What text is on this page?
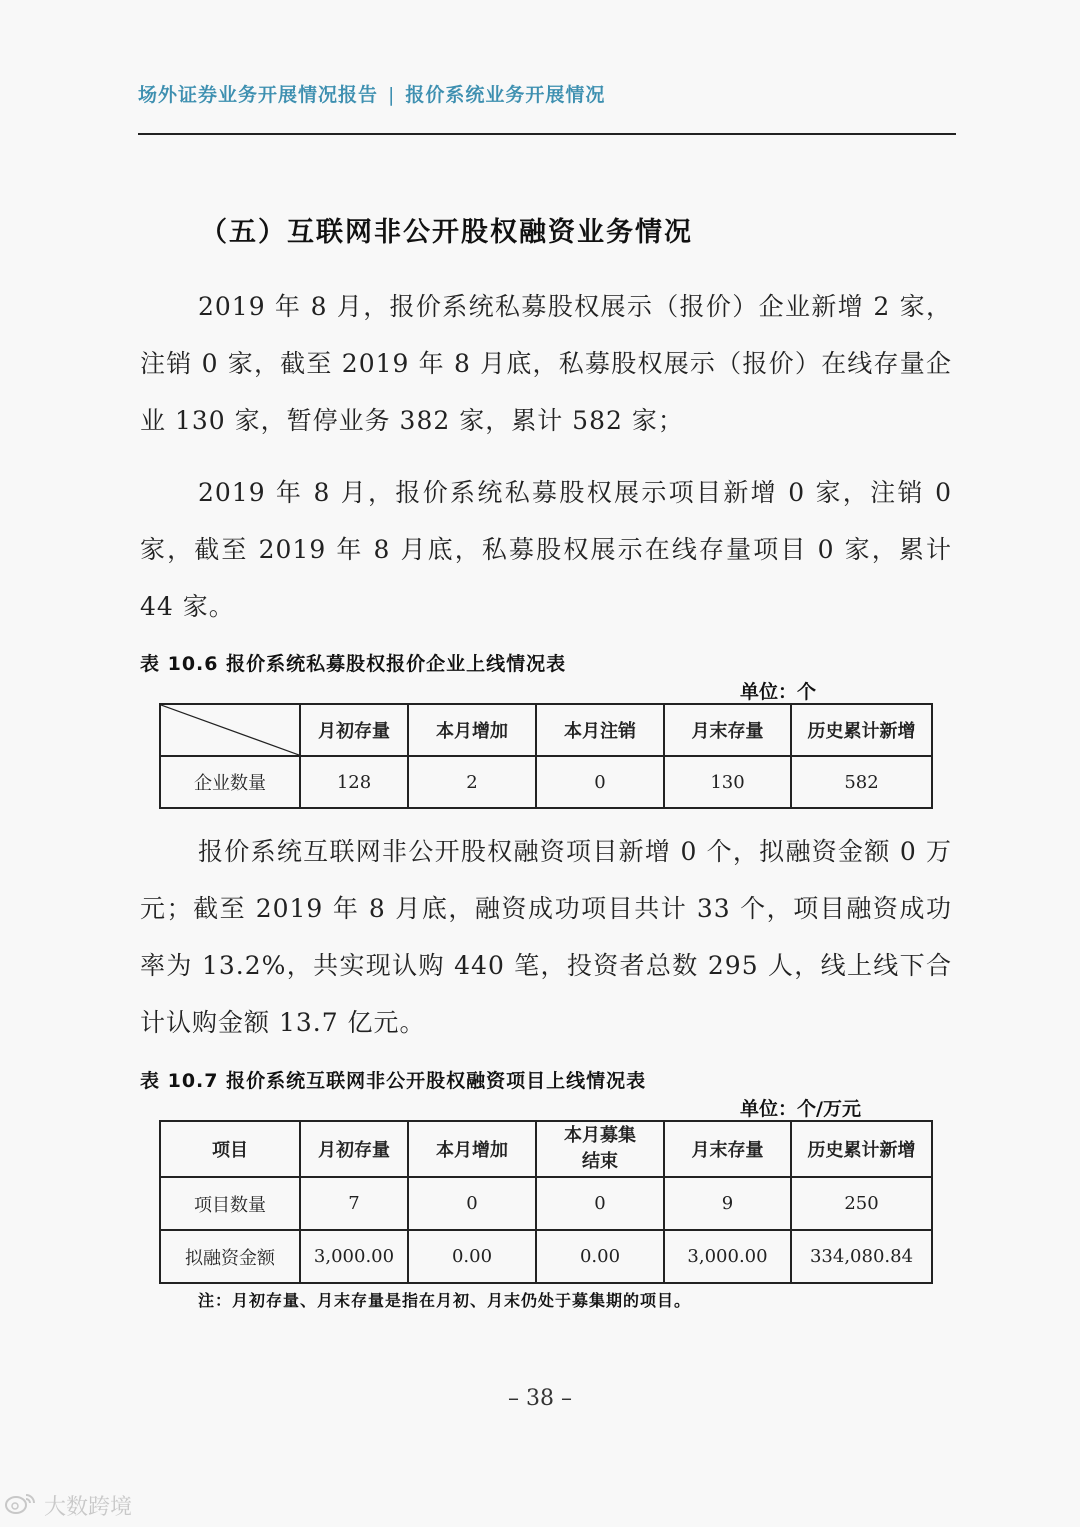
场外证券业务开展情况报告 | 报价系统业务开展情况
（五）互联网非公开股权融资业务情况

2019 年 8 月，报价系统私募股权展示（报价）企业新增 2 家，注销 0 家，截至 2019 年 8 月底，私募股权展示（报价）在线存量企业 130 家，暂停业务 382 家，累计 582 家；

2019 年 8 月，报价系统私募股权展示项目新增 0 家，注销 0 家，截至 2019 年 8 月底，私募股权展示在线存量项目 0 家，累计 44 家。

表 10.6 报价系统私募股权报价企业上线情况表
单位：个
	月初存量	本月增加	本月注销	月末存量	历史累计新增
企业数量	128	2	0	130	582

报价系统互联网非公开股权融资项目新增 0 个，拟融资金额 0 万元；截至 2019 年 8 月底，融资成功项目共计 33 个，项目融资成功率为 13.2%，共实现认购 440 笔，投资者总数 295 人，线上线下合计认购金额 13.7 亿元。

表 10.7 报价系统互联网非公开股权融资项目上线情况表
单位：个/万元
项目	月初存量	本月增加	本月募集结束	月末存量	历史累计新增
项目数量	7	0	0	9	250
拟融资金额	3,000.00	0.00	0.00	3,000.00	334,080.84
注：月初存量、月末存量是指在月初、月末仍处于募集期的项目。
– 38 –
大数跨境
